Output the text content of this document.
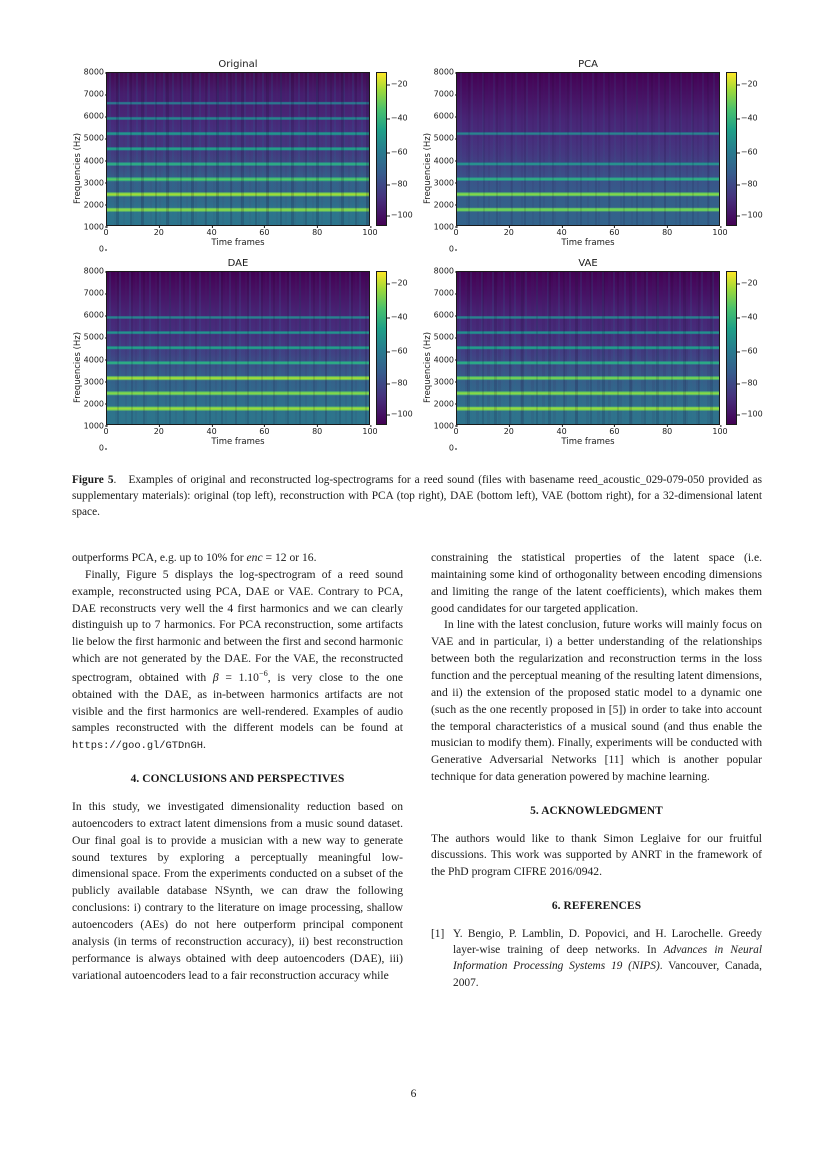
Original
Frequencies (Hz)
8000
7000
6000
5000
4000
3000
2000
1000
0
0	20	40	60	80	100
Time frames
−20
−40
−60
−80
−100
PCA
Frequencies (Hz)
8000
7000
6000
5000
4000
3000
2000
1000
0
0	20	40	60	80	100
Time frames
−20
−40
−60
−80
−100
DAE
Frequencies (Hz)
8000
7000
6000
5000
4000
3000
2000
1000
0
0	20	40	60	80	100
Time frames
−20
−40
−60
−80
−100
VAE
Frequencies (Hz)
8000
7000
6000
5000
4000
3000
2000
1000
0
0	20	40	60	80	100
Time frames
−20
−40
−60
−80
−100
Figure 5. Examples of original and reconstructed log-spectrograms for a reed sound (files with basename reed_acoustic_029-079-050 provided as supplementary materials): original (top left), reconstruction with PCA (top right), DAE (bottom left), VAE (bottom right), for a 32-dimensional latent space.

outperforms PCA, e.g. up to 10% for enc = 12 or 16.

Finally, Figure 5 displays the log-spectrogram of a reed sound example, reconstructed using PCA, DAE or VAE. Contrary to PCA, DAE reconstructs very well the 4 first harmonics and we can clearly distinguish up to 7 harmonics. For PCA reconstruction, some artifacts lie below the first harmonic and between the first and second harmonic which are not generated by the DAE. For the VAE, the reconstructed spectrogram, obtained with $\beta = 1.10^{-6}$, is very close to the one obtained with the DAE, as in-between harmonics artifacts are not visible and the first harmonics are well-rendered. Examples of audio samples reconstructed with the different models can be found at https://goo.gl/GTDnGH.

4. CONCLUSIONS AND PERSPECTIVES

In this study, we investigated dimensionality reduction based on autoencoders to extract latent dimensions from a music sound dataset. Our final goal is to provide a musician with a new way to generate sound textures by exploring a perceptually meaningful low-dimensional space. From the experiments conducted on a subset of the publicly available database NSynth, we can draw the following conclusions: i) contrary to the literature on image processing, shallow autoencoders (AEs) do not here outperform principal component analysis (in terms of reconstruction accuracy), ii) best reconstruction performance is always obtained with deep autoencoders (DAE), iii) variational autoencoders lead to a fair reconstruction accuracy while

constraining the statistical properties of the latent space (i.e. maintaining some kind of orthogonality between encoding dimensions and limiting the range of the latent coefficients), which makes them good candidates for our targeted application.

In line with the latest conclusion, future works will mainly focus on VAE and in particular, i) a better understanding of the relationships between both the regularization and reconstruction terms in the loss function and the perceptual meaning of the resulting latent dimensions, and ii) the extension of the proposed static model to a dynamic one (such as the one recently proposed in [5]) in order to take into account the temporal characteristics of a musical sound (and thus enable the musician to modify them). Finally, experiments will be conducted with Generative Adversarial Networks [11] which is another popular technique for data generation powered by machine learning.

5. ACKNOWLEDGMENT

The authors would like to thank Simon Leglaive for our fruitful discussions. This work was supported by ANRT in the framework of the PhD program CIFRE 2016/0942.

6. REFERENCES
[1] Y. Bengio, P. Lamblin, D. Popovici, and H. Larochelle. Greedy layer-wise training of deep networks. In Advances in Neural Information Processing Systems 19 (NIPS). Vancouver, Canada, 2007.
6
